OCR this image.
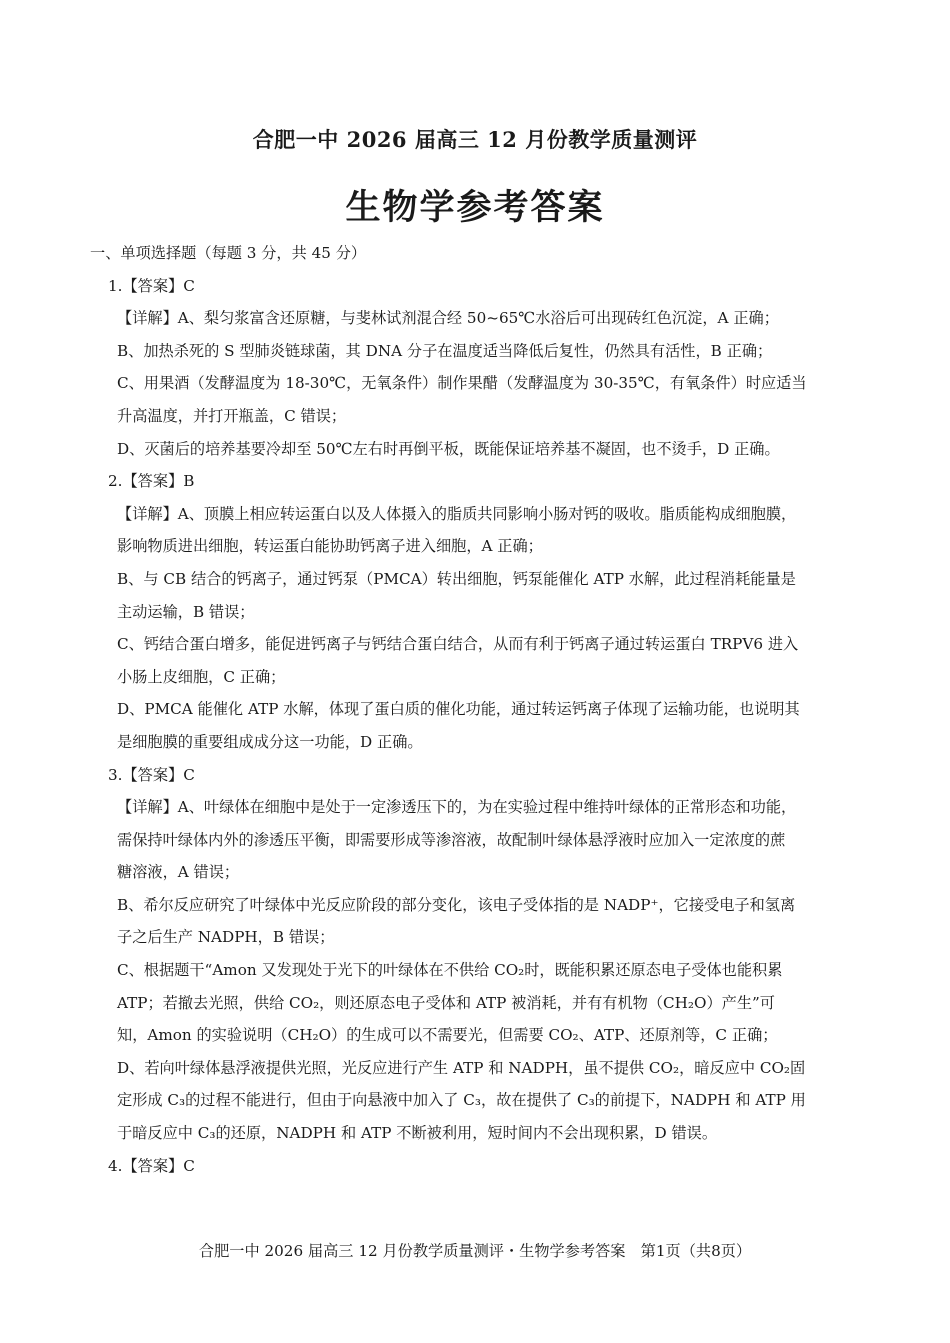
合肥一中 2026 届高三 12 月份教学质量测评
生物学参考答案
一、单项选择题（每题 3 分，共 45 分）
1.【答案】C
【详解】A、梨匀浆富含还原糖，与斐林试剂混合经 50~65℃水浴后可出现砖红色沉淀，A 正确；
B、加热杀死的 S 型肺炎链球菌，其 DNA 分子在温度适当降低后复性，仍然具有活性，B 正确；
C、用果酒（发酵温度为 18-30℃，无氧条件）制作果醋（发酵温度为 30-35℃，有氧条件）时应适当
升高温度，并打开瓶盖，C 错误；
D、灭菌后的培养基要冷却至 50℃左右时再倒平板，既能保证培养基不凝固，也不烫手，D 正确。
2.【答案】B
【详解】A、顶膜上相应转运蛋白以及人体摄入的脂质共同影响小肠对钙的吸收。脂质能构成细胞膜，
影响物质进出细胞，转运蛋白能协助钙离子进入细胞，A 正确；
B、与 CB 结合的钙离子，通过钙泵（PMCA）转出细胞，钙泵能催化 ATP 水解，此过程消耗能量是
主动运输，B 错误；
C、钙结合蛋白增多，能促进钙离子与钙结合蛋白结合，从而有利于钙离子通过转运蛋白 TRPV6 进入
小肠上皮细胞，C 正确；
D、PMCA 能催化 ATP 水解，体现了蛋白质的催化功能，通过转运钙离子体现了运输功能，也说明其
是细胞膜的重要组成成分这一功能，D 正确。
3.【答案】C
【详解】A、叶绿体在细胞中是处于一定渗透压下的，为在实验过程中维持叶绿体的正常形态和功能，
需保持叶绿体内外的渗透压平衡，即需要形成等渗溶液，故配制叶绿体悬浮液时应加入一定浓度的蔗
糖溶液，A 错误；
B、希尔反应研究了叶绿体中光反应阶段的部分变化，该电子受体指的是 NADP⁺，它接受电子和氢离
子之后生产 NADPH，B 错误；
C、根据题干“Amon 又发现处于光下的叶绿体在不供给 CO₂时，既能积累还原态电子受体也能积累
ATP；若撤去光照，供给 CO₂，则还原态电子受体和 ATP 被消耗，并有有机物（CH₂O）产生”可
知，Amon 的实验说明（CH₂O）的生成可以不需要光，但需要 CO₂、ATP、还原剂等，C 正确；
D、若向叶绿体悬浮液提供光照，光反应进行产生 ATP 和 NADPH，虽不提供 CO₂，暗反应中 CO₂固
定形成 C₃的过程不能进行，但由于向悬液中加入了 C₃，故在提供了 C₃的前提下，NADPH 和 ATP 用
于暗反应中 C₃的还原，NADPH 和 ATP 不断被利用，短时间内不会出现积累，D 错误。
4.【答案】C
合肥一中 2026 届高三 12 月份教学质量测评・生物学参考答案　第1页（共8页）
